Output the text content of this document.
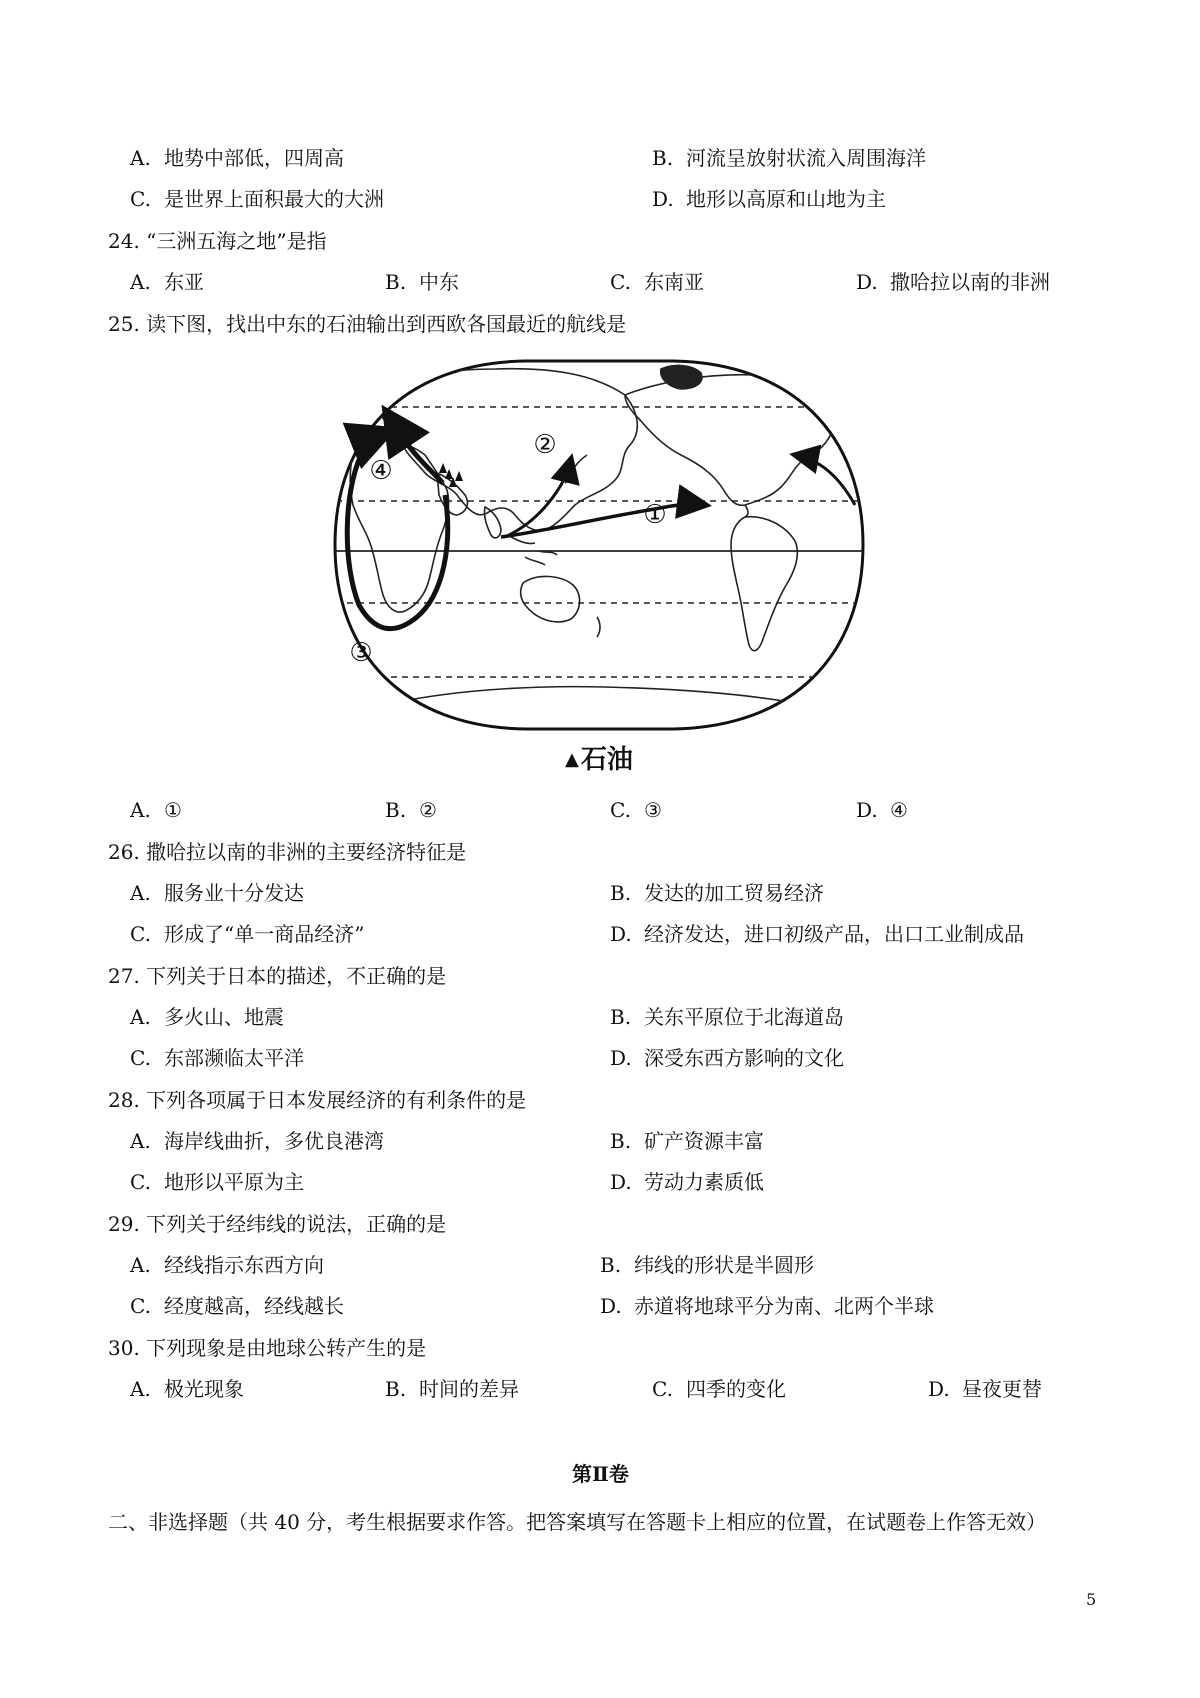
A. 地势中部低，四周高	B. 河流呈放射状流入周围海洋
C. 是世界上面积最大的大洲	D. 地形以高原和山地为主
24. “三洲五海之地”是指
A. 东亚	B. 中东	C. 东南亚	D. 撒哈拉以南的非洲
25. 读下图，找出中东的石油输出到西欧各国最近的航线是
①
②
③
④
▲石油
A. ①	B. ②	C. ③	D. ④
26. 撒哈拉以南的非洲的主要经济特征是
A. 服务业十分发达	B. 发达的加工贸易经济
C. 形成了“单一商品经济”	D. 经济发达，进口初级产品，出口工业制成品
27. 下列关于日本的描述，不正确的是
A. 多火山、地震	B. 关东平原位于北海道岛
C. 东部濒临太平洋	D. 深受东西方影响的文化
28. 下列各项属于日本发展经济的有利条件的是
A. 海岸线曲折，多优良港湾	B. 矿产资源丰富
C. 地形以平原为主	D. 劳动力素质低
29. 下列关于经纬线的说法，正确的是
A. 经线指示东西方向	B. 纬线的形状是半圆形
C. 经度越高，经线越长	D. 赤道将地球平分为南、北两个半球
30. 下列现象是由地球公转产生的是
A. 极光现象	B. 时间的差异	C. 四季的变化	D. 昼夜更替
第Ⅱ卷
二、非选择题（共 40 分，考生根据要求作答。把答案填写在答题卡上相应的位置，在试题卷上作答无效）
5
